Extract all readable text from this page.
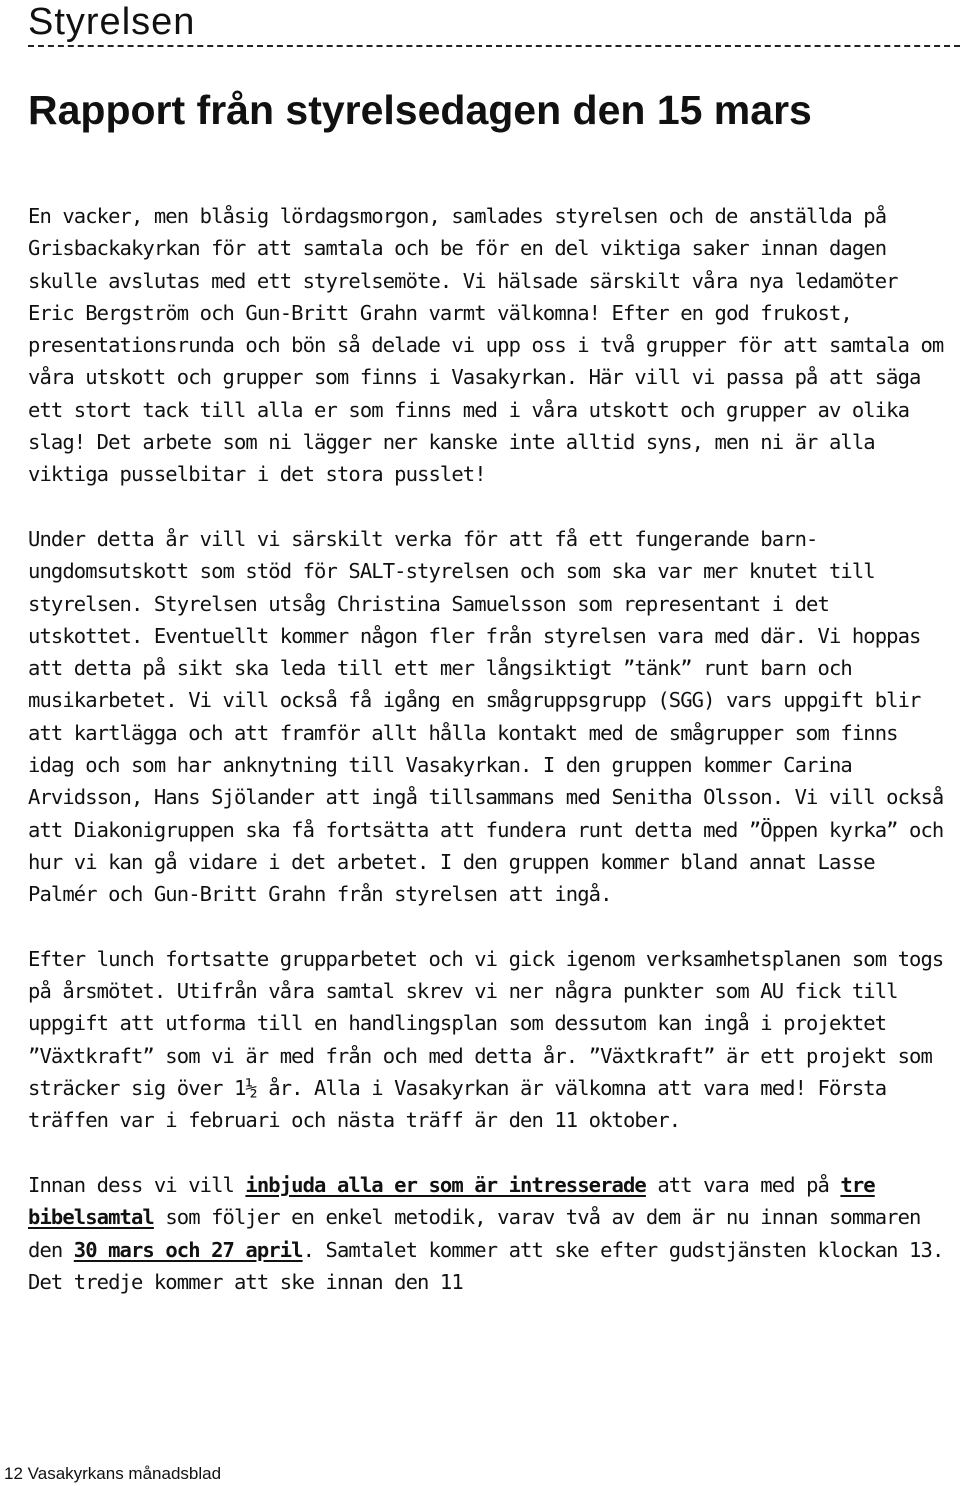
Styrelsen
Rapport från styrelsedagen den 15 mars

En vacker, men blåsig lördagsmorgon, samlades styrelsen och de anställda på Grisbackakyrkan för att samtala och be för en del viktiga saker innan dagen skulle avslutas med ett styrelsemöte. Vi hälsade särskilt våra nya ledamöter Eric Bergström och Gun-Britt Grahn varmt välkomna! Efter en god frukost, presentationsrunda och bön så delade vi upp oss i två grupper för att samtala om våra utskott och grupper som finns i Vasakyrkan. Här vill vi passa på att säga ett stort tack till alla er som finns med i våra utskott och grupper av olika slag! Det arbete som ni lägger ner kanske inte alltid syns, men ni är alla viktiga pusselbitar i det stora pusslet!

Under detta år vill vi särskilt verka för att få ett fungerande barn- ungdomsutskott som stöd för SALT-styrelsen och som ska var mer knutet till styrelsen. Styrelsen utsåg Christina Samuelsson som representant i det utskottet. Eventuellt kommer någon fler från styrelsen vara med där. Vi hoppas att detta på sikt ska leda till ett mer långsiktigt ”tänk” runt barn och musikarbetet. Vi vill också få igång en smågruppsgrupp (SGG) vars uppgift blir att kartlägga och att framför allt hålla kontakt med de smågrupper som finns idag och som har anknytning till Vasakyrkan. I den gruppen kommer Carina Arvidsson, Hans Sjölander att ingå tillsammans med Senitha Olsson. Vi vill också att Diakonigruppen ska få fortsätta att fundera runt detta med ”Öppen kyrka” och hur vi kan gå vidare i det arbetet. I den gruppen kommer bland annat Lasse Palmér och Gun-Britt Grahn från styrelsen att ingå.

Efter lunch fortsatte grupparbetet och vi gick igenom verksamhetsplanen som togs på årsmötet. Utifrån våra samtal skrev vi ner några punkter som AU fick till uppgift att utforma till en handlingsplan som dessutom kan ingå i projektet ”Växtkraft” som vi är med från och med detta år. ”Växtkraft” är ett projekt som sträcker sig över 1½ år. Alla i Vasakyrkan är välkomna att vara med! Första träffen var i februari och nästa träff är den 11 oktober.

Innan dess vi vill inbjuda alla er som är intresserade att vara med på tre bibelsamtal som följer en enkel metodik, varav två av dem är nu innan sommaren den 30 mars och 27 april. Samtalet kommer att ske efter gudstjänsten klockan 13. Det tredje kommer att ske innan den 11

12 Vasakyrkans månadsblad
